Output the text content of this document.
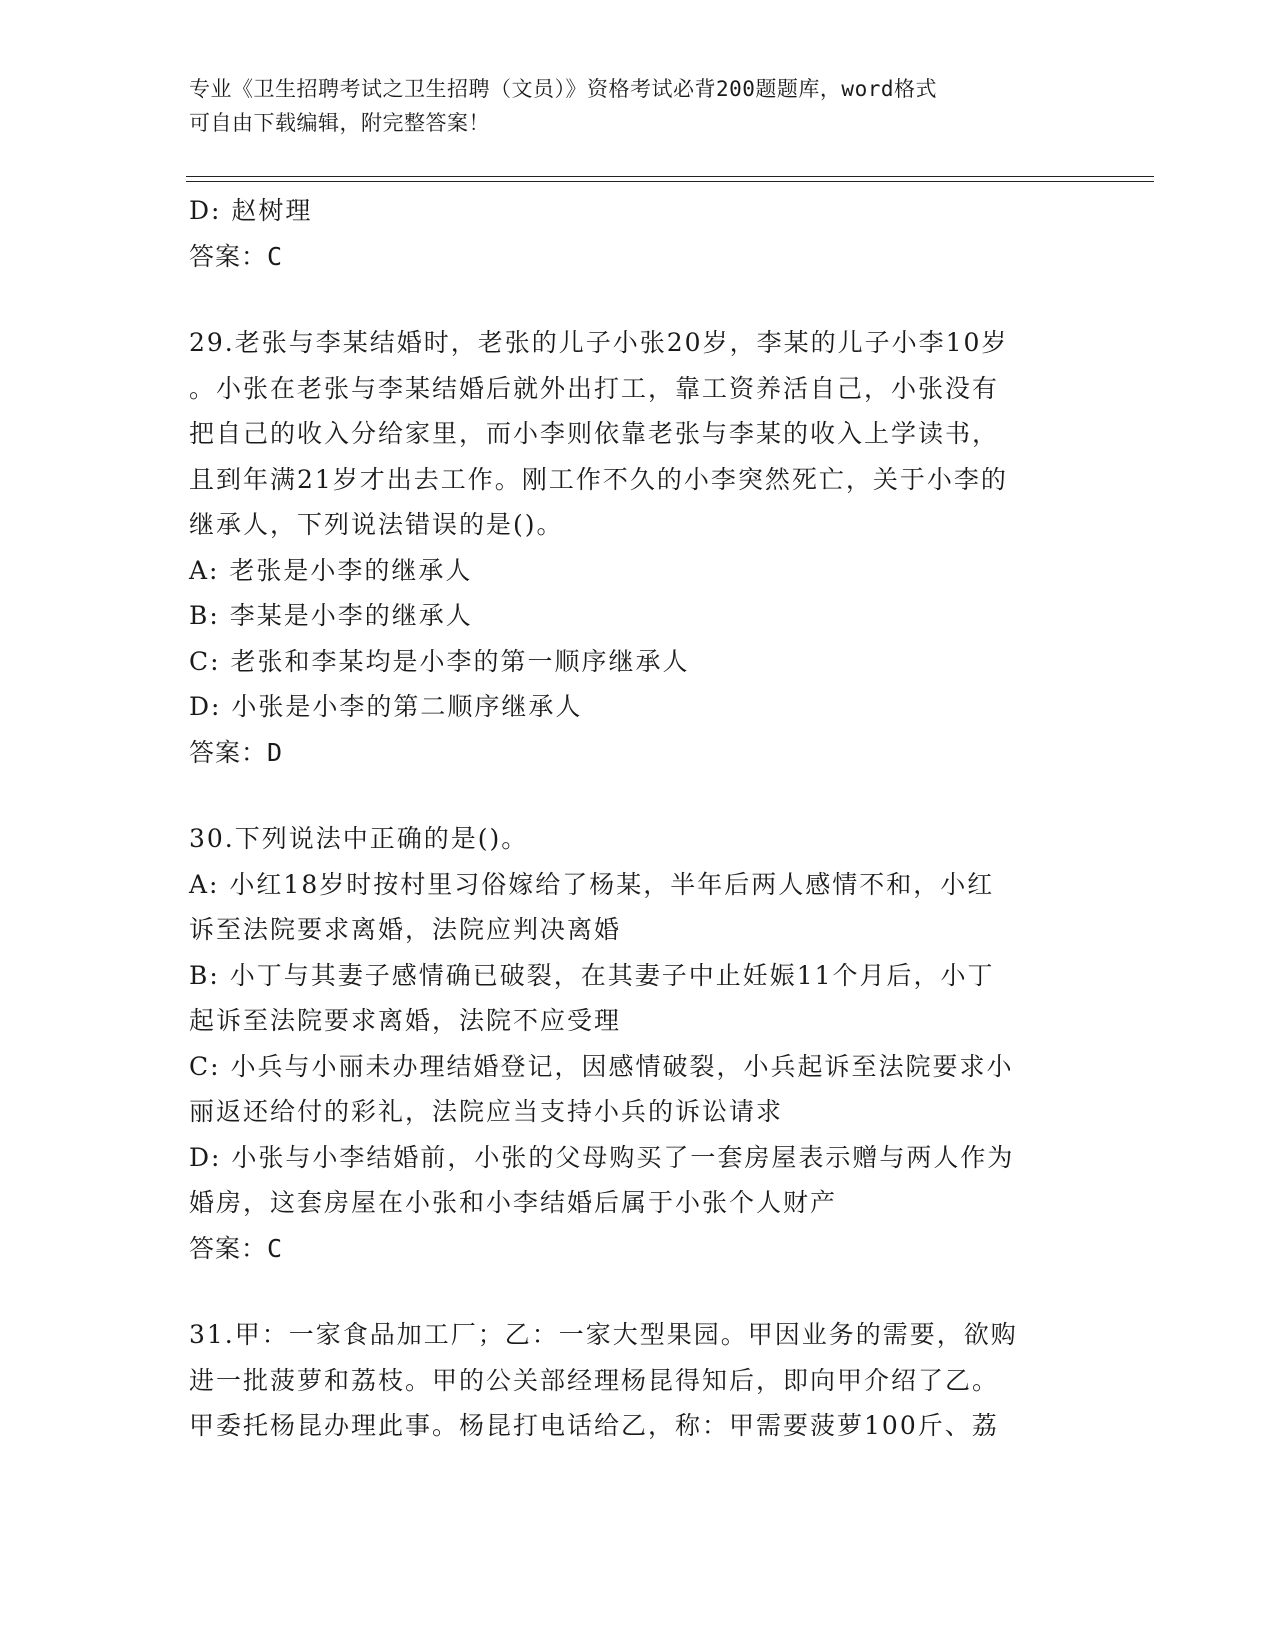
专业《卫生招聘考试之卫生招聘（文员）》资格考试必背200题题库，word格式
可自由下载编辑，附完整答案！
D: 赵树理
答案：C
29.老张与李某结婚时，老张的儿子小张20岁，李某的儿子小李10岁
。小张在老张与李某结婚后就外出打工，靠工资养活自己，小张没有
把自己的收入分给家里，而小李则依靠老张与李某的收入上学读书，
且到年满21岁才出去工作。刚工作不久的小李突然死亡，关于小李的
继承人，下列说法错误的是()。
A: 老张是小李的继承人
B: 李某是小李的继承人
C: 老张和李某均是小李的第一顺序继承人
D: 小张是小李的第二顺序继承人
答案：D
30.下列说法中正确的是()。
A: 小红18岁时按村里习俗嫁给了杨某，半年后两人感情不和，小红
诉至法院要求离婚，法院应判决离婚
B: 小丁与其妻子感情确已破裂，在其妻子中止妊娠11个月后，小丁
起诉至法院要求离婚，法院不应受理
C: 小兵与小丽未办理结婚登记，因感情破裂，小兵起诉至法院要求小
丽返还给付的彩礼，法院应当支持小兵的诉讼请求
D: 小张与小李结婚前，小张的父母购买了一套房屋表示赠与两人作为
婚房，这套房屋在小张和小李结婚后属于小张个人财产
答案：C
31.甲：一家食品加工厂；乙：一家大型果园。甲因业务的需要，欲购
进一批菠萝和荔枝。甲的公关部经理杨昆得知后，即向甲介绍了乙。
甲委托杨昆办理此事。杨昆打电话给乙，称：甲需要菠萝100斤、荔
